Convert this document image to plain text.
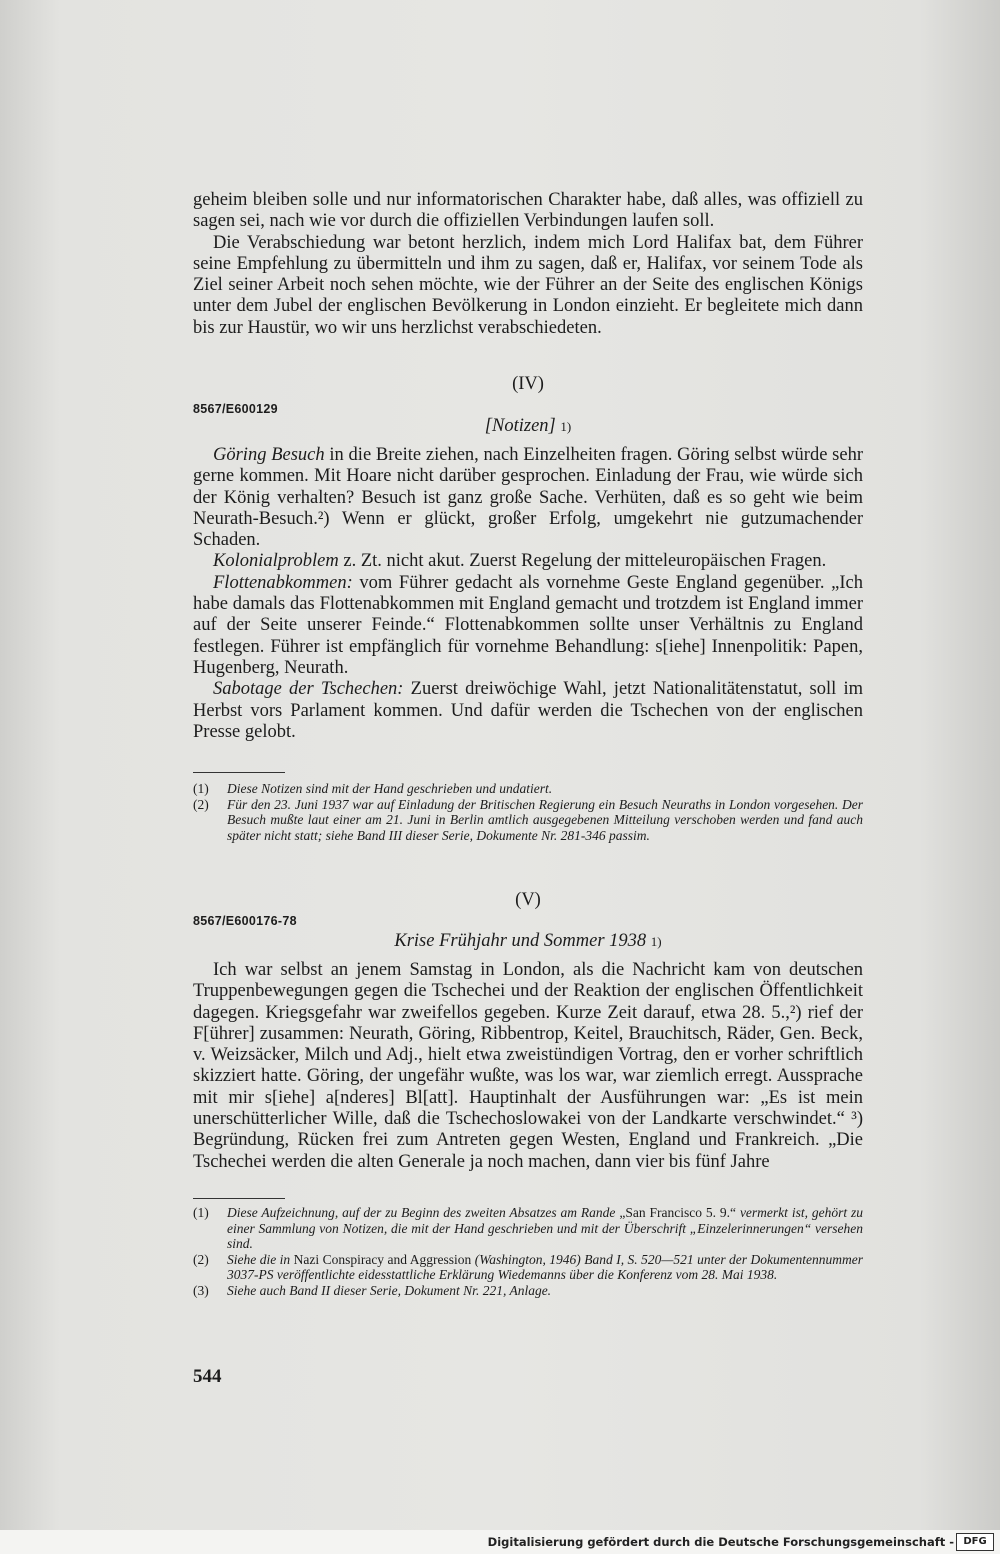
geheim bleiben solle und nur informatorischen Charakter habe, daß alles, was offiziell zu sagen sei, nach wie vor durch die offiziellen Verbindungen laufen soll.

Die Verabschiedung war betont herzlich, indem mich Lord Halifax bat, dem Führer seine Empfehlung zu übermitteln und ihm zu sagen, daß er, Halifax, vor seinem Tode als Ziel seiner Arbeit noch sehen möchte, wie der Führer an der Seite des englischen Königs unter dem Jubel der englischen Bevölkerung in London einzieht. Er begleitete mich dann bis zur Haustür, wo wir uns herzlichst verabschiedeten.

(IV)
8567/E600129
[Notizen] 1)

Göring Besuch in die Breite ziehen, nach Einzelheiten fragen. Göring selbst würde sehr gerne kommen. Mit Hoare nicht darüber gesprochen. Einladung der Frau, wie würde sich der König verhalten? Besuch ist ganz große Sache. Verhüten, daß es so geht wie beim Neurath-Besuch.²) Wenn er glückt, großer Erfolg, umgekehrt nie gutzumachender Schaden.

Kolonialproblem z. Zt. nicht akut. Zuerst Regelung der mitteleuropäischen Fragen.

Flottenabkommen: vom Führer gedacht als vornehme Geste England gegenüber. „Ich habe damals das Flottenabkommen mit England gemacht und trotzdem ist England immer auf der Seite unserer Feinde.“ Flottenabkommen sollte unser Verhältnis zu England festlegen. Führer ist empfänglich für vornehme Behandlung: s[iehe] Innenpolitik: Papen, Hugenberg, Neurath.

Sabotage der Tschechen: Zuerst dreiwöchige Wahl, jetzt Nationalitätenstatut, soll im Herbst vors Parlament kommen. Und dafür werden die Tschechen von der englischen Presse gelobt.

(1)	Diese Notizen sind mit der Hand geschrieben und undatiert.
(2)	Für den 23. Juni 1937 war auf Einladung der Britischen Regierung ein Besuch Neuraths in London vorgesehen. Der Besuch mußte laut einer am 21. Juni in Berlin amtlich ausgegebenen Mitteilung verschoben werden und fand auch später nicht statt; siehe Band III dieser Serie, Dokumente Nr. 281-346 passim.
(V)
8567/E600176-78
Krise Frühjahr und Sommer 1938 1)

Ich war selbst an jenem Samstag in London, als die Nachricht kam von deutschen Truppenbewegungen gegen die Tschechei und der Reaktion der englischen Öffentlichkeit dagegen. Kriegsgefahr war zweifellos gegeben. Kurze Zeit darauf, etwa 28. 5.,²) rief der F[ührer] zusammen: Neurath, Göring, Ribbentrop, Keitel, Brauchitsch, Räder, Gen. Beck, v. Weizsäcker, Milch und Adj., hielt etwa zweistündigen Vortrag, den er vorher schriftlich skizziert hatte. Göring, der ungefähr wußte, was los war, war ziemlich erregt. Aussprache mit mir s[iehe] a[nderes] Bl[att]. Hauptinhalt der Ausführungen war: „Es ist mein unerschütterlicher Wille, daß die Tschechoslowakei von der Landkarte verschwindet.“ ³) Begründung, Rücken frei zum Antreten gegen Westen, England und Frankreich. „Die Tschechei werden die alten Generale ja noch machen, dann vier bis fünf Jahre

(1)	Diese Aufzeichnung, auf der zu Beginn des zweiten Absatzes am Rande „San Francisco 5. 9.“ vermerkt ist, gehört zu einer Sammlung von Notizen, die mit der Hand geschrieben und mit der Überschrift „Einzelerinnerungen“ versehen sind.
(2)	Siehe die in Nazi Conspiracy and Aggression (Washington, 1946) Band I, S. 520—521 unter der Dokumentennummer 3037-PS veröffentlichte eidesstattliche Erklärung Wiedemanns über die Konferenz vom 28. Mai 1938.
(3)	Siehe auch Band II dieser Serie, Dokument Nr. 221, Anlage.
544
Digitalisierung gefördert durch die Deutsche Forschungsgemeinschaft - DFG
